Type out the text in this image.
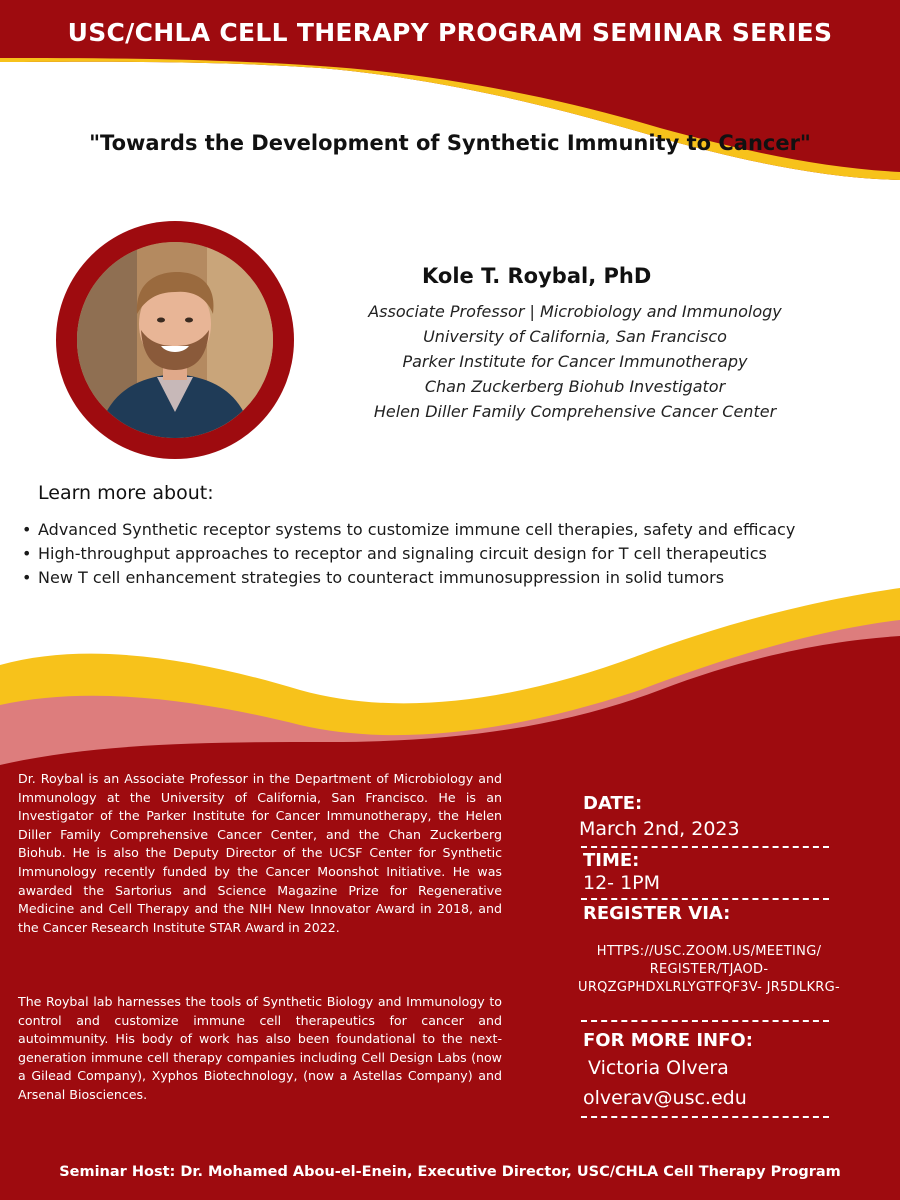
USC/CHLA CELL THERAPY PROGRAM SEMINAR SERIES
"Towards the Development of Synthetic Immunity to Cancer"
Kole T. Roybal, PhD
Associate Professor | Microbiology and Immunology
University of California, San Francisco
Parker Institute for Cancer Immunotherapy
Chan Zuckerberg Biohub Investigator
Helen Diller Family Comprehensive Cancer Center
Learn more about:
• Advanced Synthetic receptor systems to customize immune cell therapies, safety and efficacy
• High-throughput approaches to receptor and signaling circuit design for T cell therapeutics
• New T cell enhancement strategies to counteract immunosuppression in solid tumors
Dr. Roybal is an Associate Professor in the Department of Microbiology and Immunology at the University of California, San Francisco. He is an Investigator of the Parker Institute for Cancer Immunotherapy, the Helen Diller Family Comprehensive Cancer Center, and the Chan Zuckerberg Biohub. He is also the Deputy Director of the UCSF Center for Synthetic Immunology recently funded by the Cancer Moonshot Initiative. He was awarded the Sartorius and Science Magazine Prize for Regenerative Medicine and Cell Therapy and the NIH New Innovator Award in 2018, and the Cancer Research Institute STAR Award in 2022.
The Roybal lab harnesses the tools of Synthetic Biology and Immunology to control and customize immune cell therapeutics for cancer and autoimmunity. His body of work has also been foundational to the next-generation immune cell therapy companies including Cell Design Labs (now a Gilead Company), Xyphos Biotechnology, (now a Astellas Company) and Arsenal Biosciences.
DATE:
March 2nd, 2023
TIME:
12- 1PM
REGISTER VIA:
HTTPS://USC.ZOOM.US/MEETING/ REGISTER/TJAOD- URQZGPHDXLRLYGTFQF3V- JR5DLKRG-
FOR MORE INFO:
Victoria Olvera
olverav@usc.edu
Seminar Host: Dr. Mohamed Abou-el-Enein, Executive Director, USC/CHLA Cell Therapy Program
